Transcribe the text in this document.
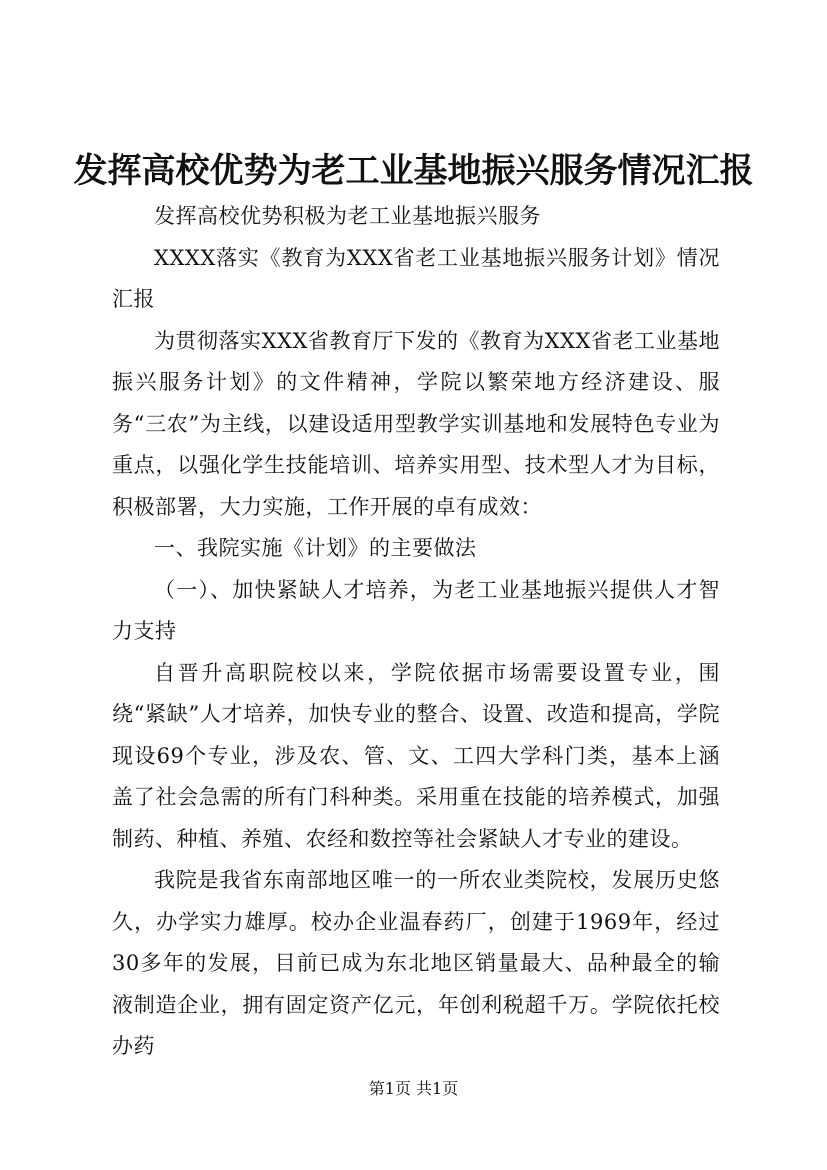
发挥高校优势为老工业基地振兴服务情况汇报

发挥高校优势积极为老工业基地振兴服务

XXXX落实《教育为XXX省老工业基地振兴服务计划》情况汇报

为贯彻落实XXX省教育厅下发的《教育为XXX省老工业基地振兴服务计划》的文件精神，学院以繁荣地方经济建设、服务“三农”为主线，以建设适用型教学实训基地和发展特色专业为重点，以强化学生技能培训、培养实用型、技术型人才为目标，积极部署，大力实施，工作开展的卓有成效：

一、我院实施《计划》的主要做法

（一）、加快紧缺人才培养，为老工业基地振兴提供人才智力支持

自晋升高职院校以来，学院依据市场需要设置专业，围绕“紧缺”人才培养，加快专业的整合、设置、改造和提高，学院现设69个专业，涉及农、管、文、工四大学科门类，基本上涵盖了社会急需的所有门科种类。采用重在技能的培养模式，加强制药、种植、养殖、农经和数控等社会紧缺人才专业的建设。

我院是我省东南部地区唯一的一所农业类院校，发展历史悠久，办学实力雄厚。校办企业温春药厂，创建于1969年，经过30多年的发展，目前已成为东北地区销量最大、品种最全的输液制造企业，拥有固定资产亿元，年创利税超千万。学院依托校办药

第1页 共1页
